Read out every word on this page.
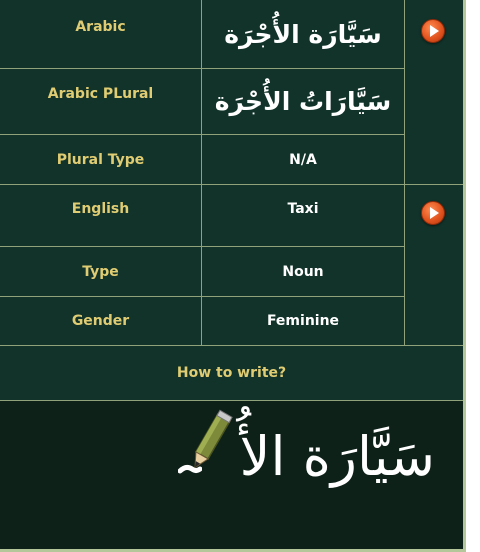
Arabic	سَيَّارَة الأُجْرَة
Arabic PLural سَيَّارَاتُ الأُجْرَة
Plural Type	N/A
English	Taxi
Type	Noun
Gender	Feminine
How to write?
سَيَّارَة الأُ
